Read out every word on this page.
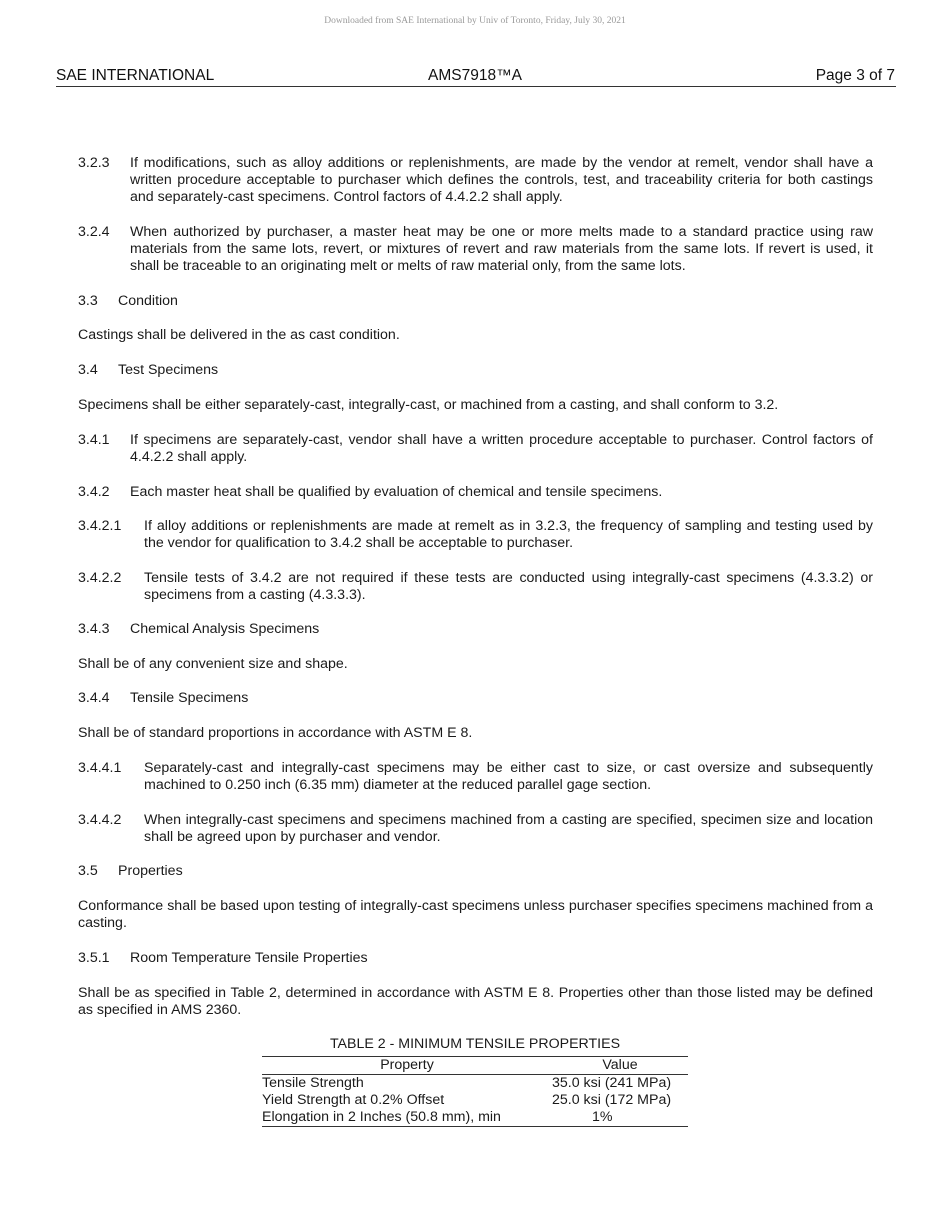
Downloaded from SAE International by Univ of Toronto, Friday, July 30, 2021
SAE INTERNATIONAL	AMS7918™A	Page 3 of 7
3.2.3 If modifications, such as alloy additions or replenishments, are made by the vendor at remelt, vendor shall have a written procedure acceptable to purchaser which defines the controls, test, and traceability criteria for both castings and separately-cast specimens. Control factors of 4.4.2.2 shall apply.
3.2.4 When authorized by purchaser, a master heat may be one or more melts made to a standard practice using raw materials from the same lots, revert, or mixtures of revert and raw materials from the same lots. If revert is used, it shall be traceable to an originating melt or melts of raw material only, from the same lots.
3.3 Condition
Castings shall be delivered in the as cast condition.
3.4 Test Specimens
Specimens shall be either separately-cast, integrally-cast, or machined from a casting, and shall conform to 3.2.
3.4.1 If specimens are separately-cast, vendor shall have a written procedure acceptable to purchaser. Control factors of 4.4.2.2 shall apply.
3.4.2 Each master heat shall be qualified by evaluation of chemical and tensile specimens.
3.4.2.1 If alloy additions or replenishments are made at remelt as in 3.2.3, the frequency of sampling and testing used by the vendor for qualification to 3.4.2 shall be acceptable to purchaser.
3.4.2.2 Tensile tests of 3.4.2 are not required if these tests are conducted using integrally-cast specimens (4.3.3.2) or specimens from a casting (4.3.3.3).
3.4.3 Chemical Analysis Specimens
Shall be of any convenient size and shape.
3.4.4 Tensile Specimens
Shall be of standard proportions in accordance with ASTM E 8.
3.4.4.1 Separately-cast and integrally-cast specimens may be either cast to size, or cast oversize and subsequently machined to 0.250 inch (6.35 mm) diameter at the reduced parallel gage section.
3.4.4.2 When integrally-cast specimens and specimens machined from a casting are specified, specimen size and location shall be agreed upon by purchaser and vendor.
3.5 Properties
Conformance shall be based upon testing of integrally-cast specimens unless purchaser specifies specimens machined from a casting.
3.5.1 Room Temperature Tensile Properties
Shall be as specified in Table 2, determined in accordance with ASTM E 8. Properties other than those listed may be defined as specified in AMS 2360.
TABLE 2 - MINIMUM TENSILE PROPERTIES
Property	Value
Tensile Strength	35.0 ksi (241 MPa)
Yield Strength at 0.2% Offset	25.0 ksi (172 MPa)
Elongation in 2 Inches (50.8 mm), min	1%
